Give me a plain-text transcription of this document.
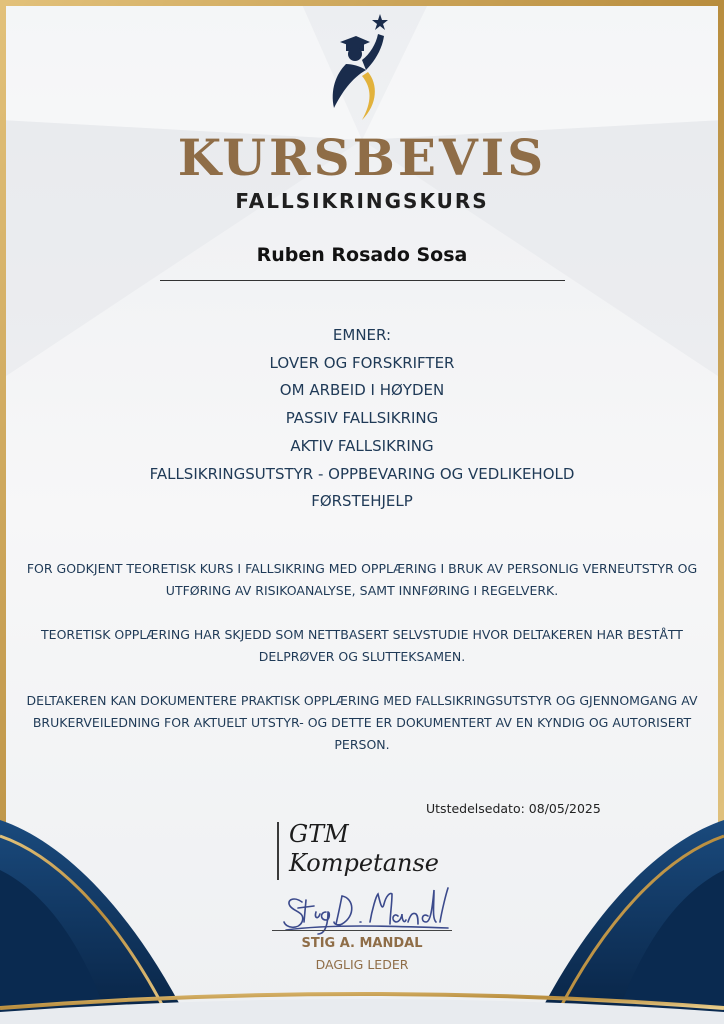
KURSBEVIS
FALLSIKRINGSKURS
Ruben Rosado Sosa
EMNER:
LOVER OG FORSKRIFTER
OM ARBEID I HØYDEN
PASSIV FALLSIKRING
AKTIV FALLSIKRING
FALLSIKRINGSUTSTYR - OPPBEVARING OG VEDLIKEHOLD
FØRSTEHJELP

FOR GODKJENT TEORETISK KURS I FALLSIKRING MED OPPLÆRING I BRUK AV PERSONLIG VERNEUTSTYR OG UTFØRING AV RISIKOANALYSE, SAMT INNFØRING I REGELVERK.

TEORETISK OPPLÆRING HAR SKJEDD SOM NETTBASERT SELVSTUDIE HVOR DELTAKEREN HAR BESTÅTT DELPRØVER OG SLUTTEKSAMEN.

DELTAKEREN KAN DOKUMENTERE PRAKTISK OPPLÆRING MED FALLSIKRINGSUTSTYR OG GJENNOMGANG AV BRUKERVEILEDNING FOR AKTUELT UTSTYR- OG DETTE ER DOKUMENTERT AV EN KYNDIG OG AUTORISERT PERSON.

Utstedelsedato: 08/05/2025
GTM
Kompetanse
STIG A. MANDAL
DAGLIG LEDER
